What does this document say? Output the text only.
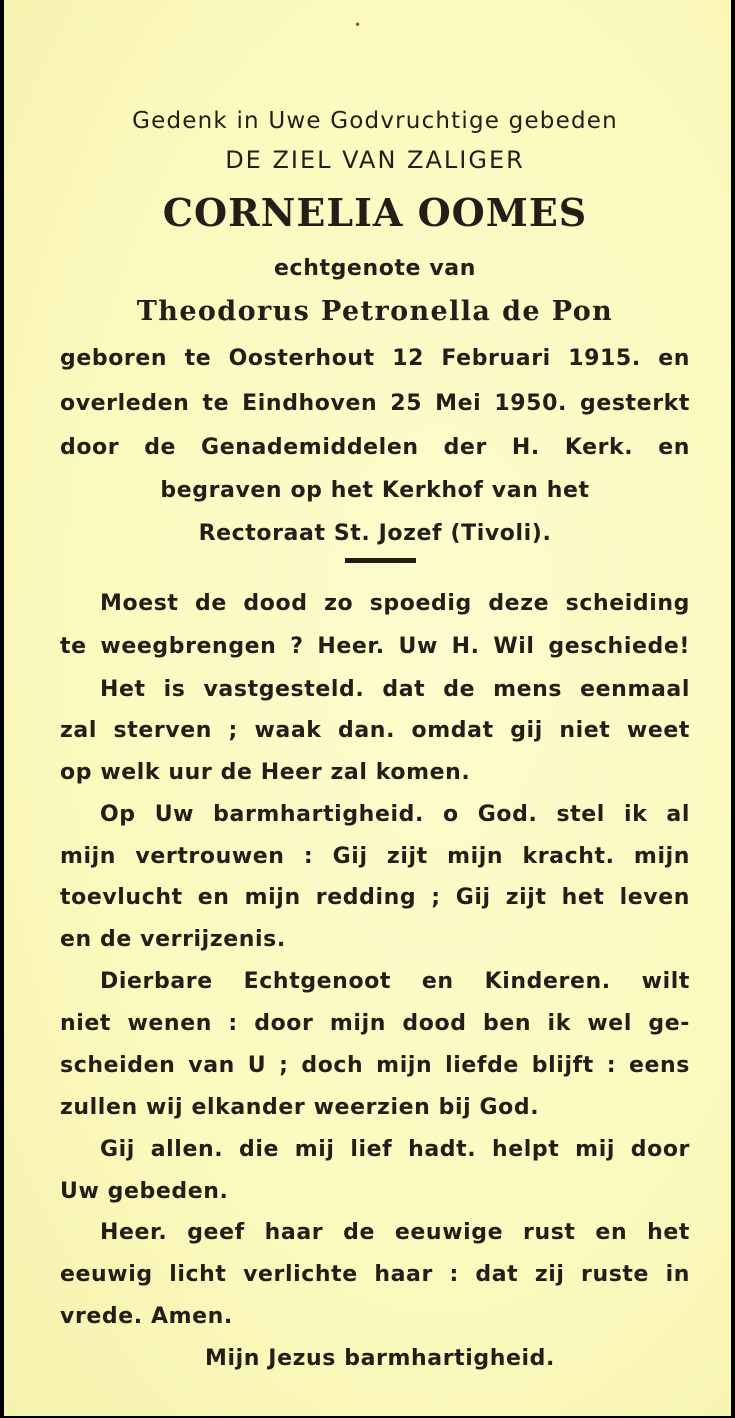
•
Gedenk in Uwe Godvruchtige gebeden
DE ZIEL VAN ZALIGER
CORNELIA OOMES
echtgenote van
Theodorus Petronella de Pon
geboren te Oosterhout 12 Februari 1915. en
overleden te Eindhoven 25 Mei 1950. gesterkt
door de Genademiddelen der H. Kerk. en
begraven op het Kerkhof van het
Rectoraat St. Jozef (Tivoli).
Moest de dood zo spoedig deze scheiding
te weegbrengen ? Heer. Uw H. Wil geschiede!
Het is vastgesteld. dat de mens eenmaal
zal sterven ; waak dan. omdat gij niet weet
op welk uur de Heer zal komen.
Op Uw barmhartigheid. o God. stel ik al
mijn vertrouwen : Gij zijt mijn kracht. mijn
toevlucht en mijn redding ; Gij zijt het leven
en de verrijzenis.
Dierbare Echtgenoot en Kinderen. wilt
niet wenen : door mijn dood ben ik wel ge-
scheiden van U ; doch mijn liefde blijft : eens
zullen wij elkander weerzien bij God.
Gij allen. die mij lief hadt. helpt mij door
Uw gebeden.
Heer. geef haar de eeuwige rust en het
eeuwig licht verlichte haar : dat zij ruste in
vrede. Amen.
Mijn Jezus barmhartigheid.
